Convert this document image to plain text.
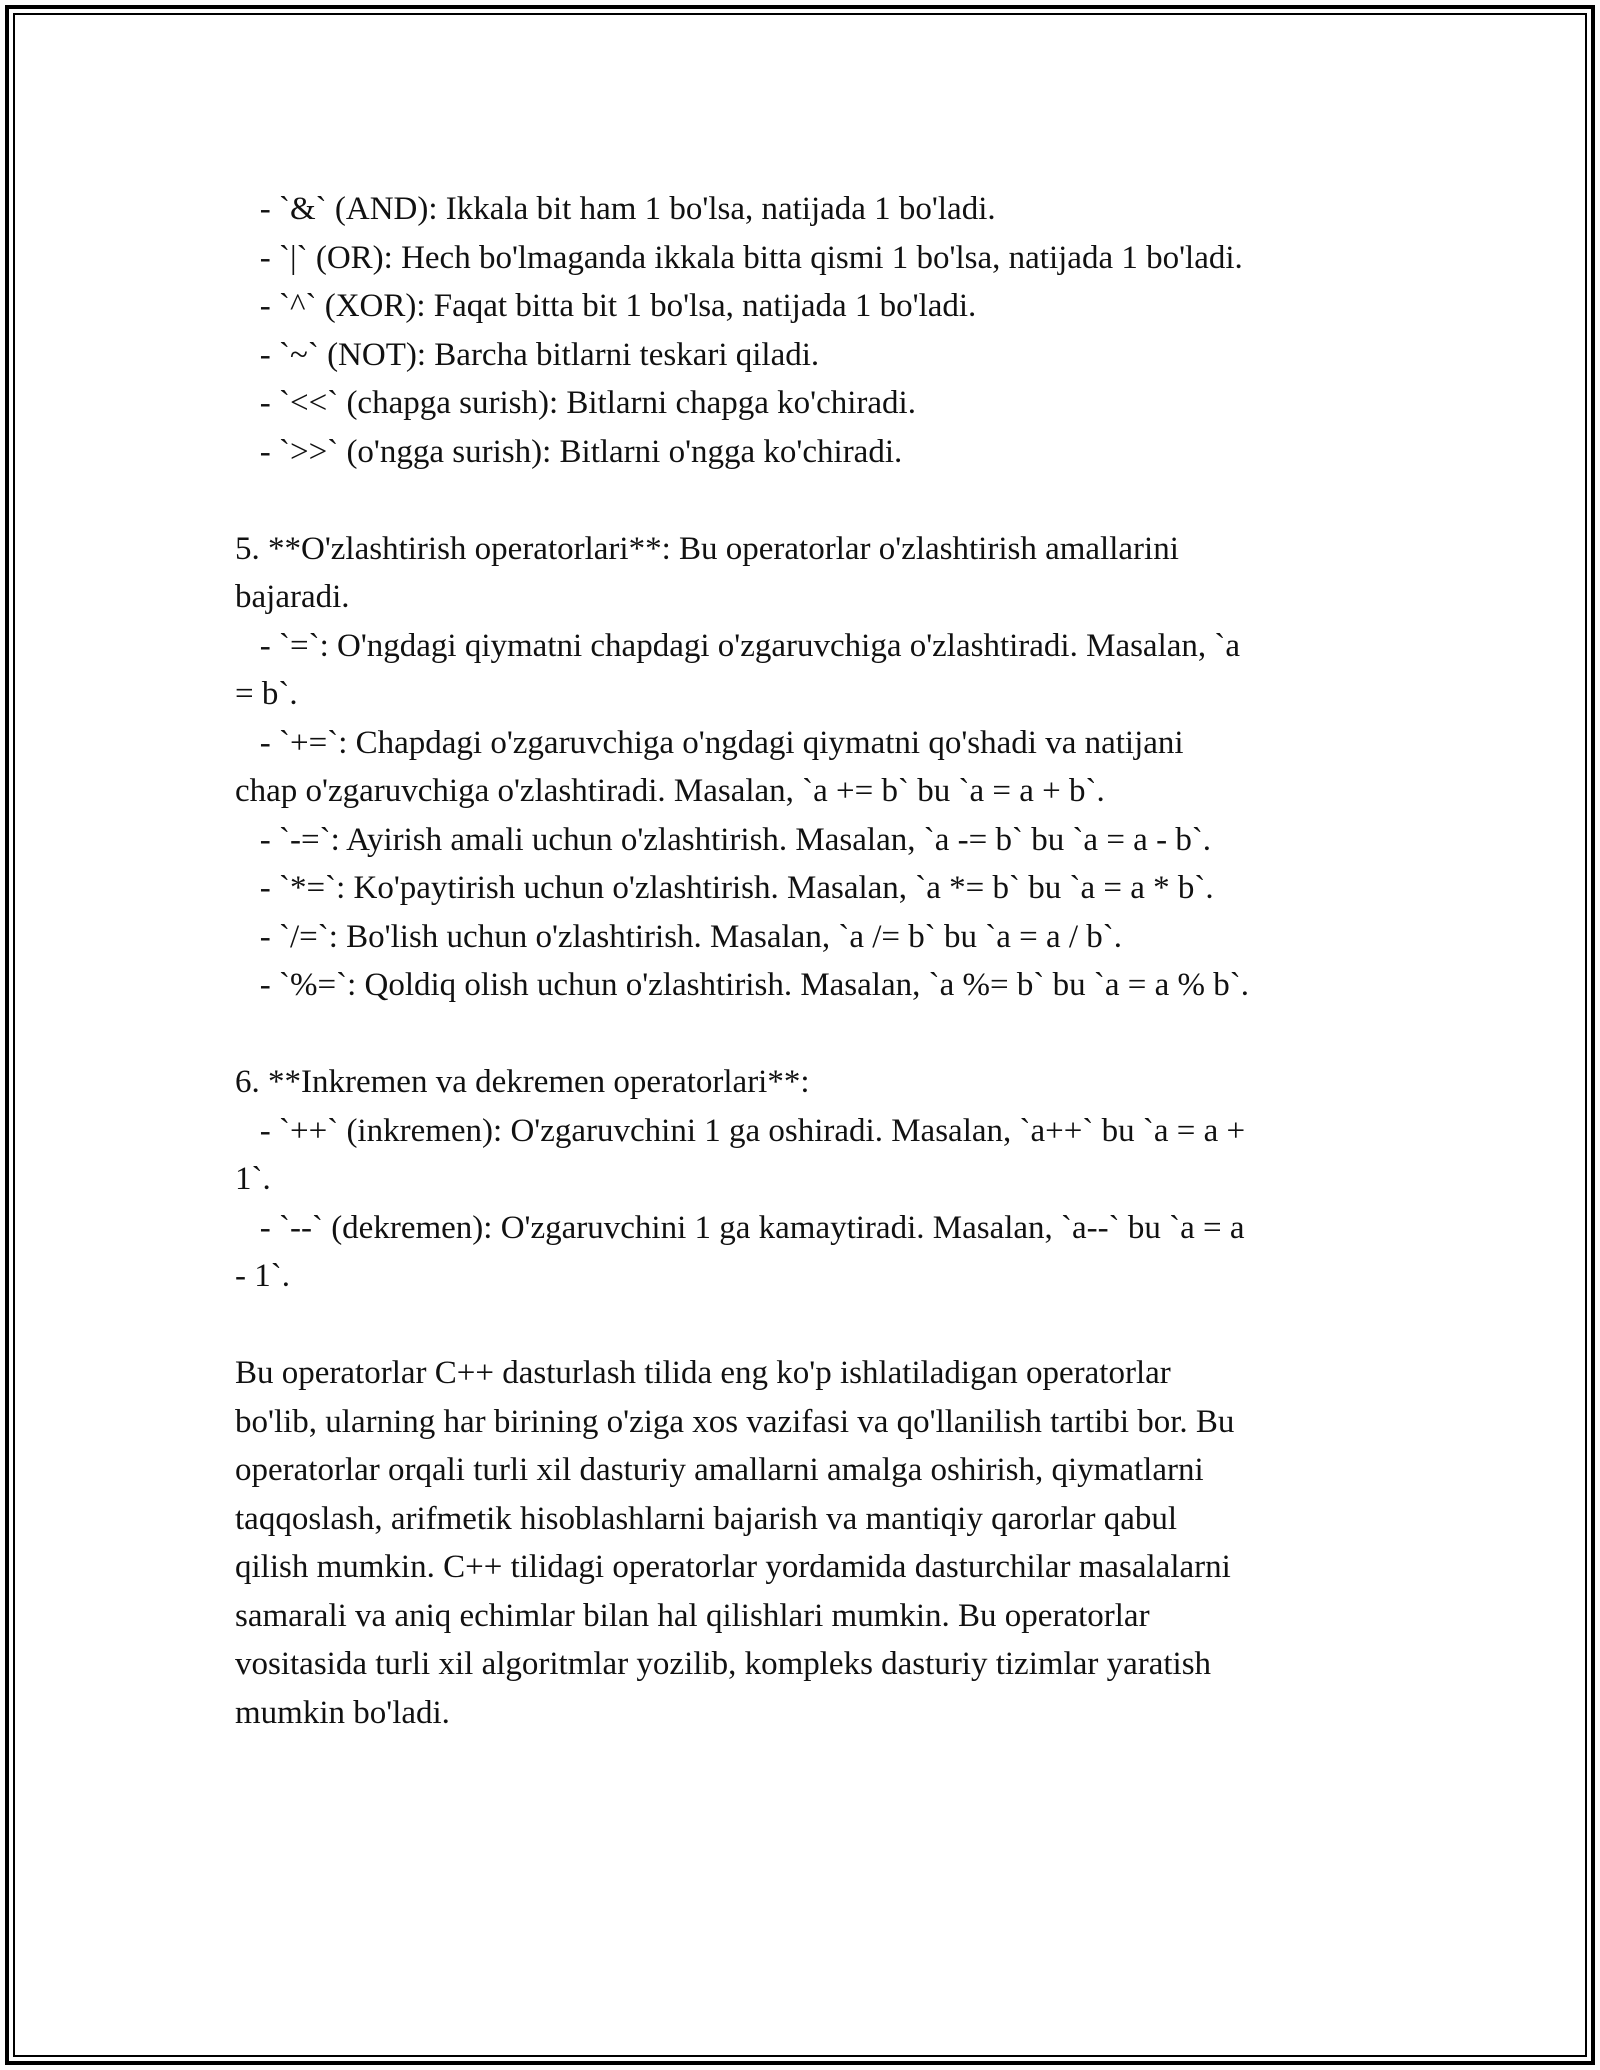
- `&` (AND): Ikkala bit ham 1 bo'lsa, natijada 1 bo'ladi.
- `|` (OR): Hech bo'lmaganda ikkala bitta qismi 1 bo'lsa, natijada 1 bo'ladi.
- `^` (XOR): Faqat bitta bit 1 bo'lsa, natijada 1 bo'ladi.
- `~` (NOT): Barcha bitlarni teskari qiladi.
- `<<` (chapga surish): Bitlarni chapga ko'chiradi.
- `>>` (o'ngga surish): Bitlarni o'ngga ko'chiradi.
5. **O'zlashtirish operatorlari**: Bu operatorlar o'zlashtirish amallarini
bajaradi.
- `=`: O'ngdagi qiymatni chapdagi o'zgaruvchiga o'zlashtiradi. Masalan, `a
= b`.
- `+=`: Chapdagi o'zgaruvchiga o'ngdagi qiymatni qo'shadi va natijani
chap o'zgaruvchiga o'zlashtiradi. Masalan, `a += b` bu `a = a + b`.
- `-=`: Ayirish amali uchun o'zlashtirish. Masalan, `a -= b` bu `a = a - b`.
- `*=`: Ko'paytirish uchun o'zlashtirish. Masalan, `a *= b` bu `a = a * b`.
- `/=`: Bo'lish uchun o'zlashtirish. Masalan, `a /= b` bu `a = a / b`.
- `%=`: Qoldiq olish uchun o'zlashtirish. Masalan, `a %= b` bu `a = a % b`.
6. **Inkremen va dekremen operatorlari**:
- `++` (inkremen): O'zgaruvchini 1 ga oshiradi. Masalan, `a++` bu `a = a +
1`.
- `--` (dekremen): O'zgaruvchini 1 ga kamaytiradi. Masalan, `a--` bu `a = a
- 1`.
Bu operatorlar C++ dasturlash tilida eng ko'p ishlatiladigan operatorlar
bo'lib, ularning har birining o'ziga xos vazifasi va qo'llanilish tartibi bor. Bu
operatorlar orqali turli xil dasturiy amallarni amalga oshirish, qiymatlarni
taqqoslash, arifmetik hisoblashlarni bajarish va mantiqiy qarorlar qabul
qilish mumkin. C++ tilidagi operatorlar yordamida dasturchilar masalalarni
samarali va aniq echimlar bilan hal qilishlari mumkin. Bu operatorlar
vositasida turli xil algoritmlar yozilib, kompleks dasturiy tizimlar yaratish
mumkin bo'ladi.
